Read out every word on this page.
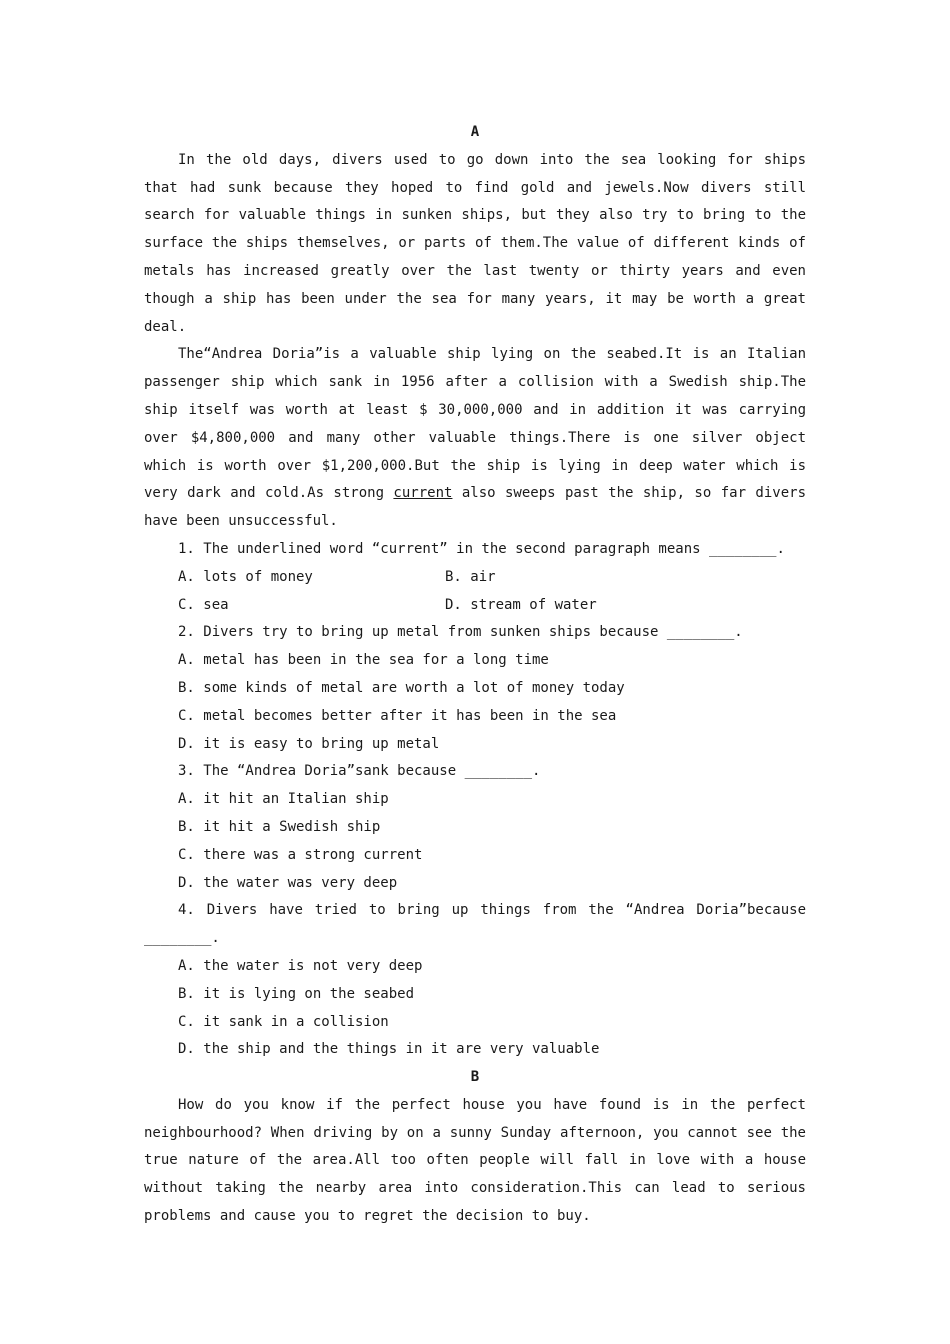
A

In the old days, divers used to go down into the sea looking for ships that had sunk because they hoped to find gold and jewels.Now divers still search for valuable things in sunken ships, but they also try to bring to the surface the ships themselves, or parts of them.The value of different kinds of metals has increased greatly over the last twenty or thirty years and even though a ship has been under the sea for many years, it may be worth a great deal.

The“Andrea Doria”is a valuable ship lying on the seabed.It is an Italian passenger ship which sank in 1956 after a collision with a Swedish ship.The ship itself was worth at least $ 30,000,000 and in addition it was carrying over $4,800,000 and many other valuable things.There is one silver object which is worth over $1,200,000.But the ship is lying in deep water which is very dark and cold.As strong current also sweeps past the ship, so far divers have been unsuccessful.

1. The underlined word “current” in the second paragraph means ________.

A. lots of money	B. air
C. sea	D. stream of water

2. Divers try to bring up metal from sunken ships because ________.

A. metal has been in the sea for a long time

B. some kinds of metal are worth a lot of money today

C. metal becomes better after it has been in the sea

D. it is easy to bring up metal

3. The “Andrea Doria”sank because ________.

A. it hit an Italian ship

B. it hit a Swedish ship

C. there was a strong current

D. the water was very deep

4. Divers have tried to bring up things from the “Andrea Doria”because ________.

A. the water is not very deep

B. it is lying on the seabed

C. it sank in a collision

D. the ship and the things in it are very valuable

B

How do you know if the perfect house you have found is in the perfect neighbourhood? When driving by on a sunny Sunday afternoon, you cannot see the true nature of the area.All too often people will fall in love with a house without taking the nearby area into consideration.This can lead to serious problems and cause you to regret the decision to buy.
